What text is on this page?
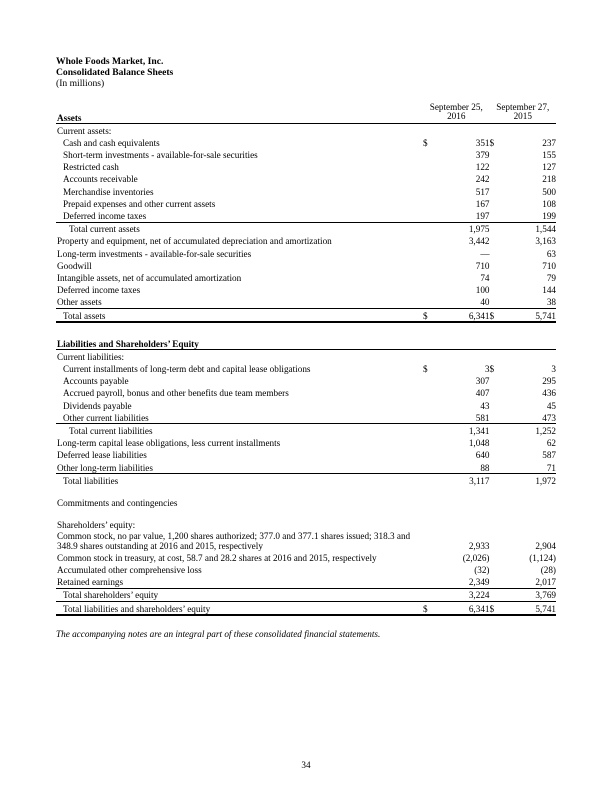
Whole Foods Market, Inc.
Consolidated Balance Sheets
(In millions)
Assets	September 25, 2016		September 27, 2015	
Current assets:				
Cash and cash equivalents	$	351	$	237
Short-term investments - available-for-sale securities		379		155
Restricted cash		122		127
Accounts receivable		242		218
Merchandise inventories		517		500
Prepaid expenses and other current assets		167		108
Deferred income taxes		197		199
Total current assets		1,975		1,544
Property and equipment, net of accumulated depreciation and amortization		3,442		3,163
Long-term investments - available-for-sale securities		—		63
Goodwill		710		710
Intangible assets, net of accumulated amortization		74		79
Deferred income taxes		100		144
Other assets		40		38
Total assets	$	6,341	$	5,741

Liabilities and Shareholders’ Equity				
Current liabilities:				
Current installments of long-term debt and capital lease obligations	$	3	$	3
Accounts payable		307		295
Accrued payroll, bonus and other benefits due team members		407		436
Dividends payable		43		45
Other current liabilities		581		473
Total current liabilities		1,341		1,252
Long-term capital lease obligations, less current installments		1,048		62
Deferred lease liabilities		640		587
Other long-term liabilities		88		71
Total liabilities		3,117		1,972

Commitments and contingencies				

Shareholders’ equity:				
Common stock, no par value, 1,200 shares authorized; 377.0 and 377.1 shares issued; 318.3 and 348.9 shares outstanding at 2016 and 2015, respectively		2,933		2,904
Common stock in treasury, at cost, 58.7 and 28.2 shares at 2016 and 2015, respectively		(2,026)		(1,124)
Accumulated other comprehensive loss		(32)		(28)
Retained earnings		2,349		2,017
Total shareholders’ equity		3,224		3,769
Total liabilities and shareholders’ equity	$	6,341	$	5,741
The accompanying notes are an integral part of these consolidated financial statements.
34
